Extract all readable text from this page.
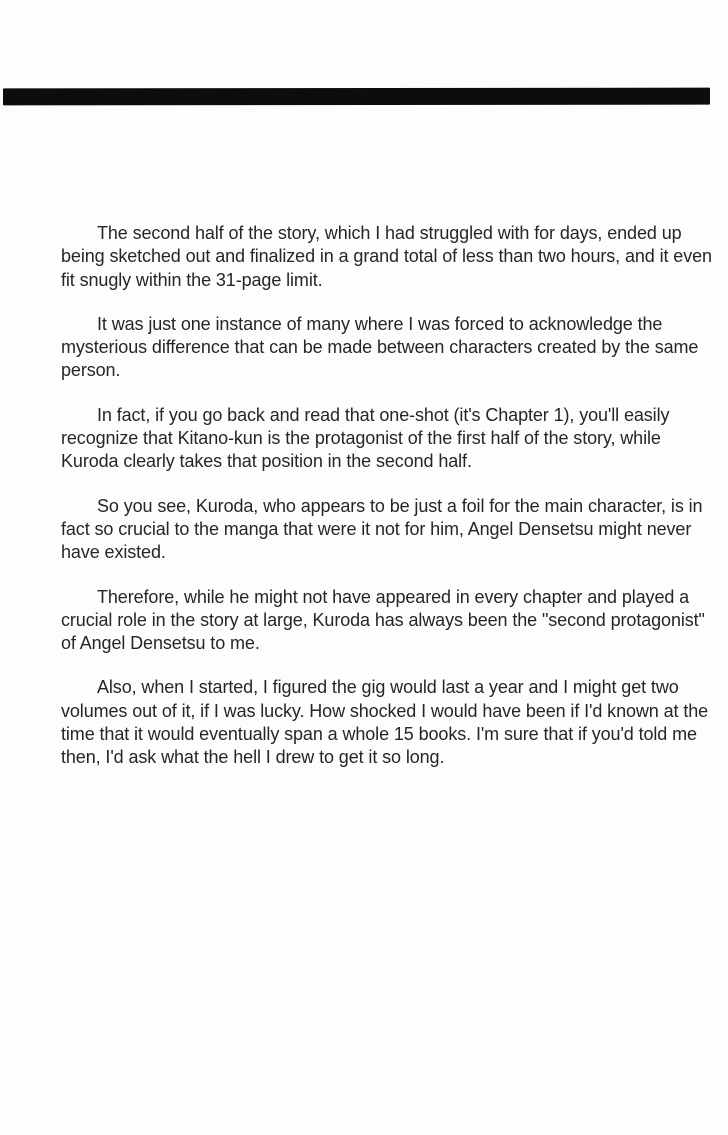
The second half of the story, which I had struggled with for days, ended up being sketched out and finalized in a grand total of less than two hours, and it even fit snugly within the 31-page limit.

It was just one instance of many where I was forced to acknowledge the mysterious difference that can be made between characters created by the same person.

In fact, if you go back and read that one-shot (it's Chapter 1), you'll easily recognize that Kitano-kun is the protagonist of the first half of the story, while Kuroda clearly takes that position in the second half.

So you see, Kuroda, who appears to be just a foil for the main character, is in fact so crucial to the manga that were it not for him, Angel Densetsu might never have existed.

Therefore, while he might not have appeared in every chapter and played a crucial role in the story at large, Kuroda has always been the "second protagonist" of Angel Densetsu to me.

Also, when I started, I figured the gig would last a year and I might get two volumes out of it, if I was lucky. How shocked I would have been if I'd known at the time that it would eventually span a whole 15 books. I'm sure that if you'd told me then, I'd ask what the hell I drew to get it so long.
